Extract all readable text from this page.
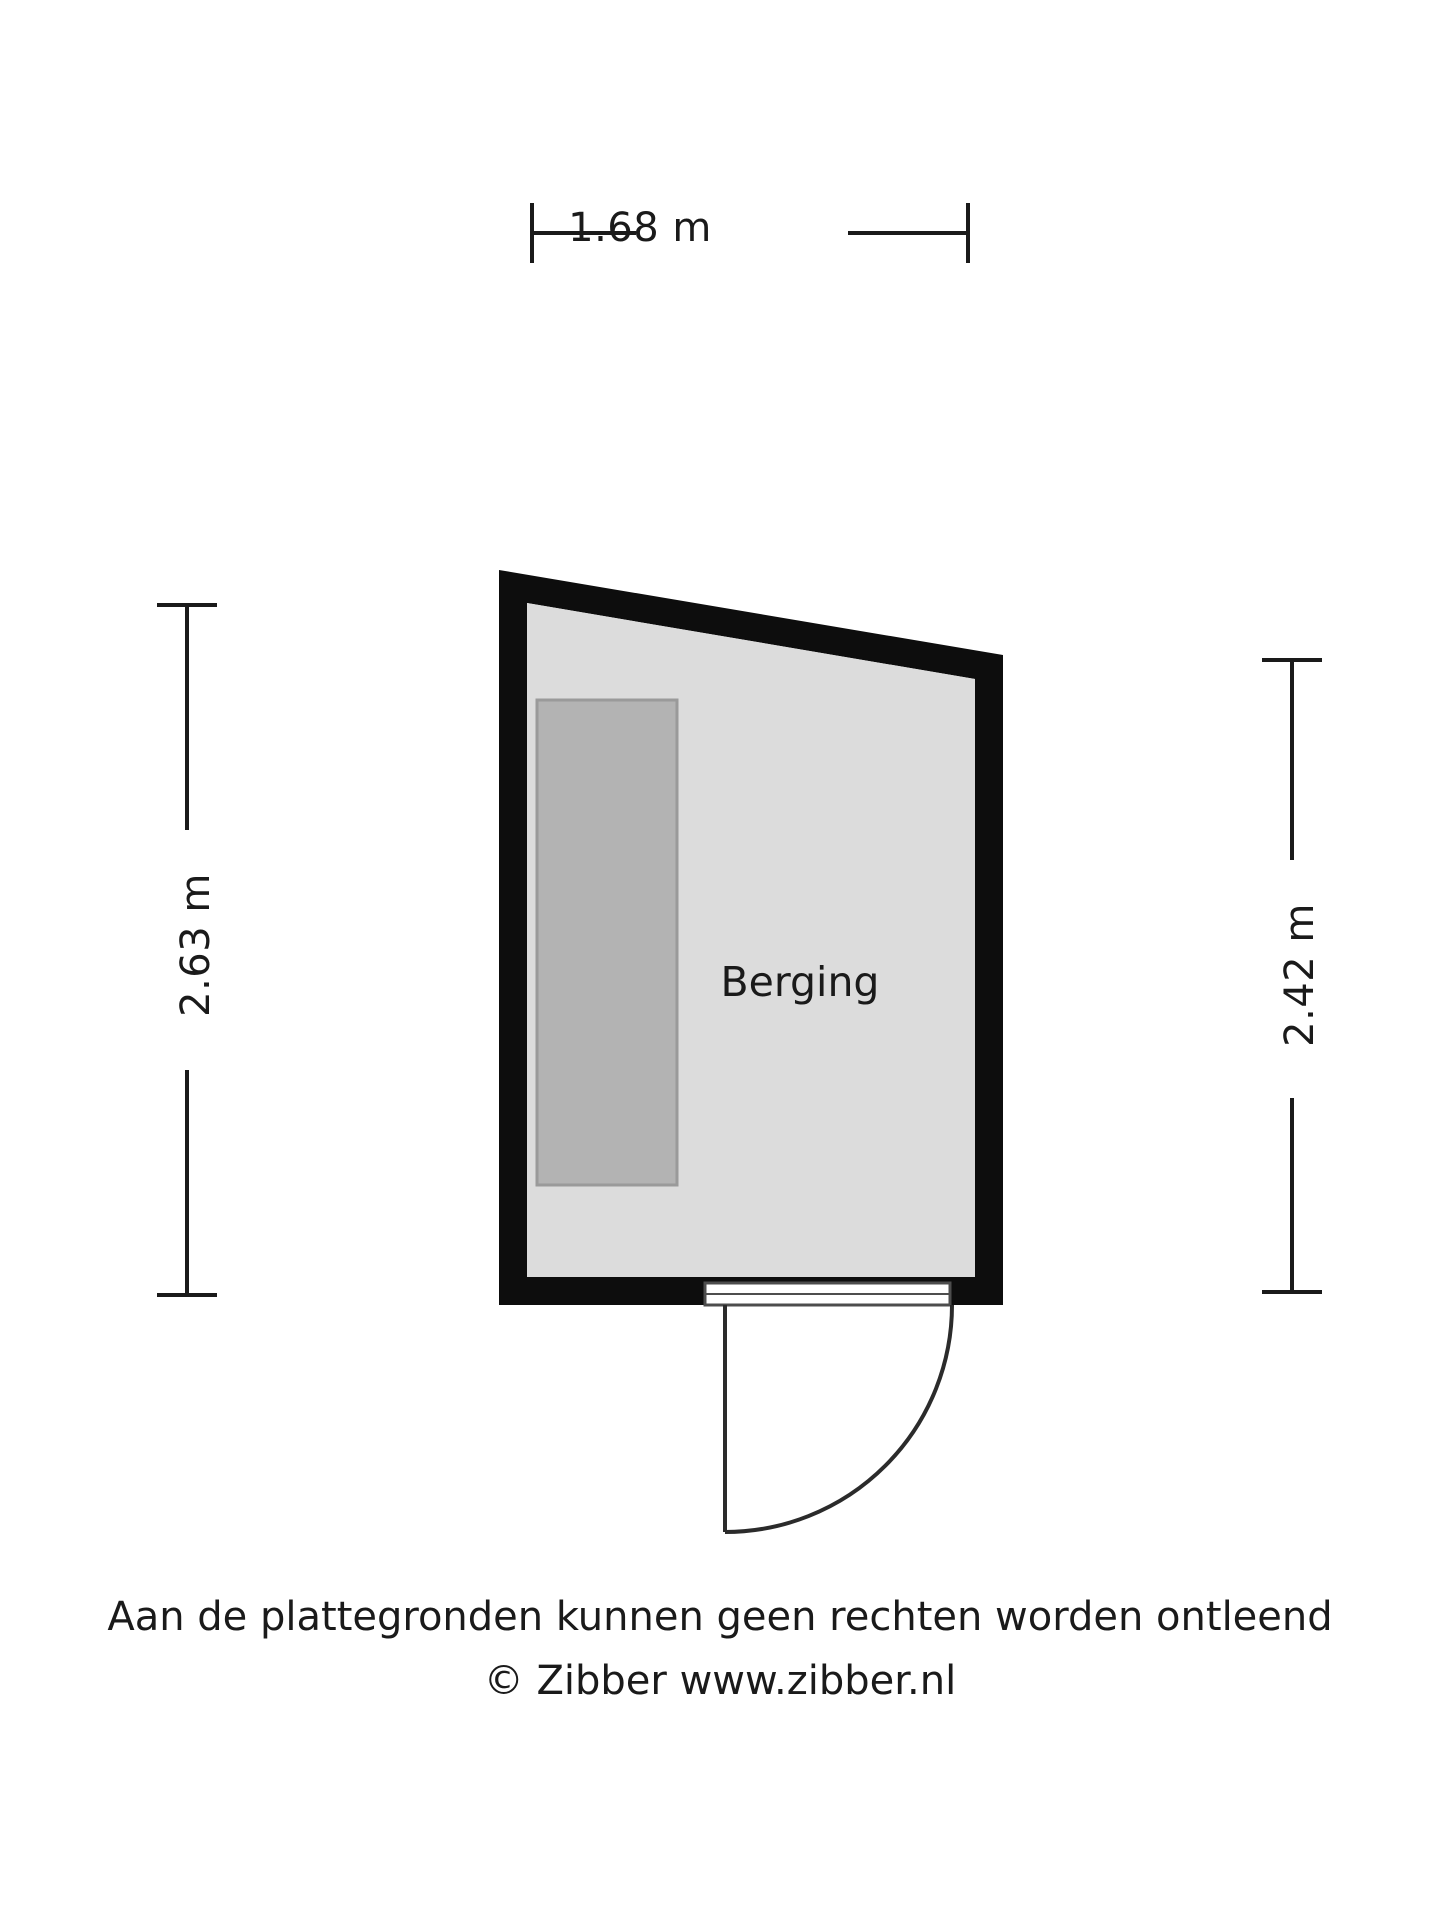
1.68 m
2.63 m	2.42 m
Berging
Aan de plattegronden kunnen geen rechten worden ontleend
© Zibber www.zibber.nl
